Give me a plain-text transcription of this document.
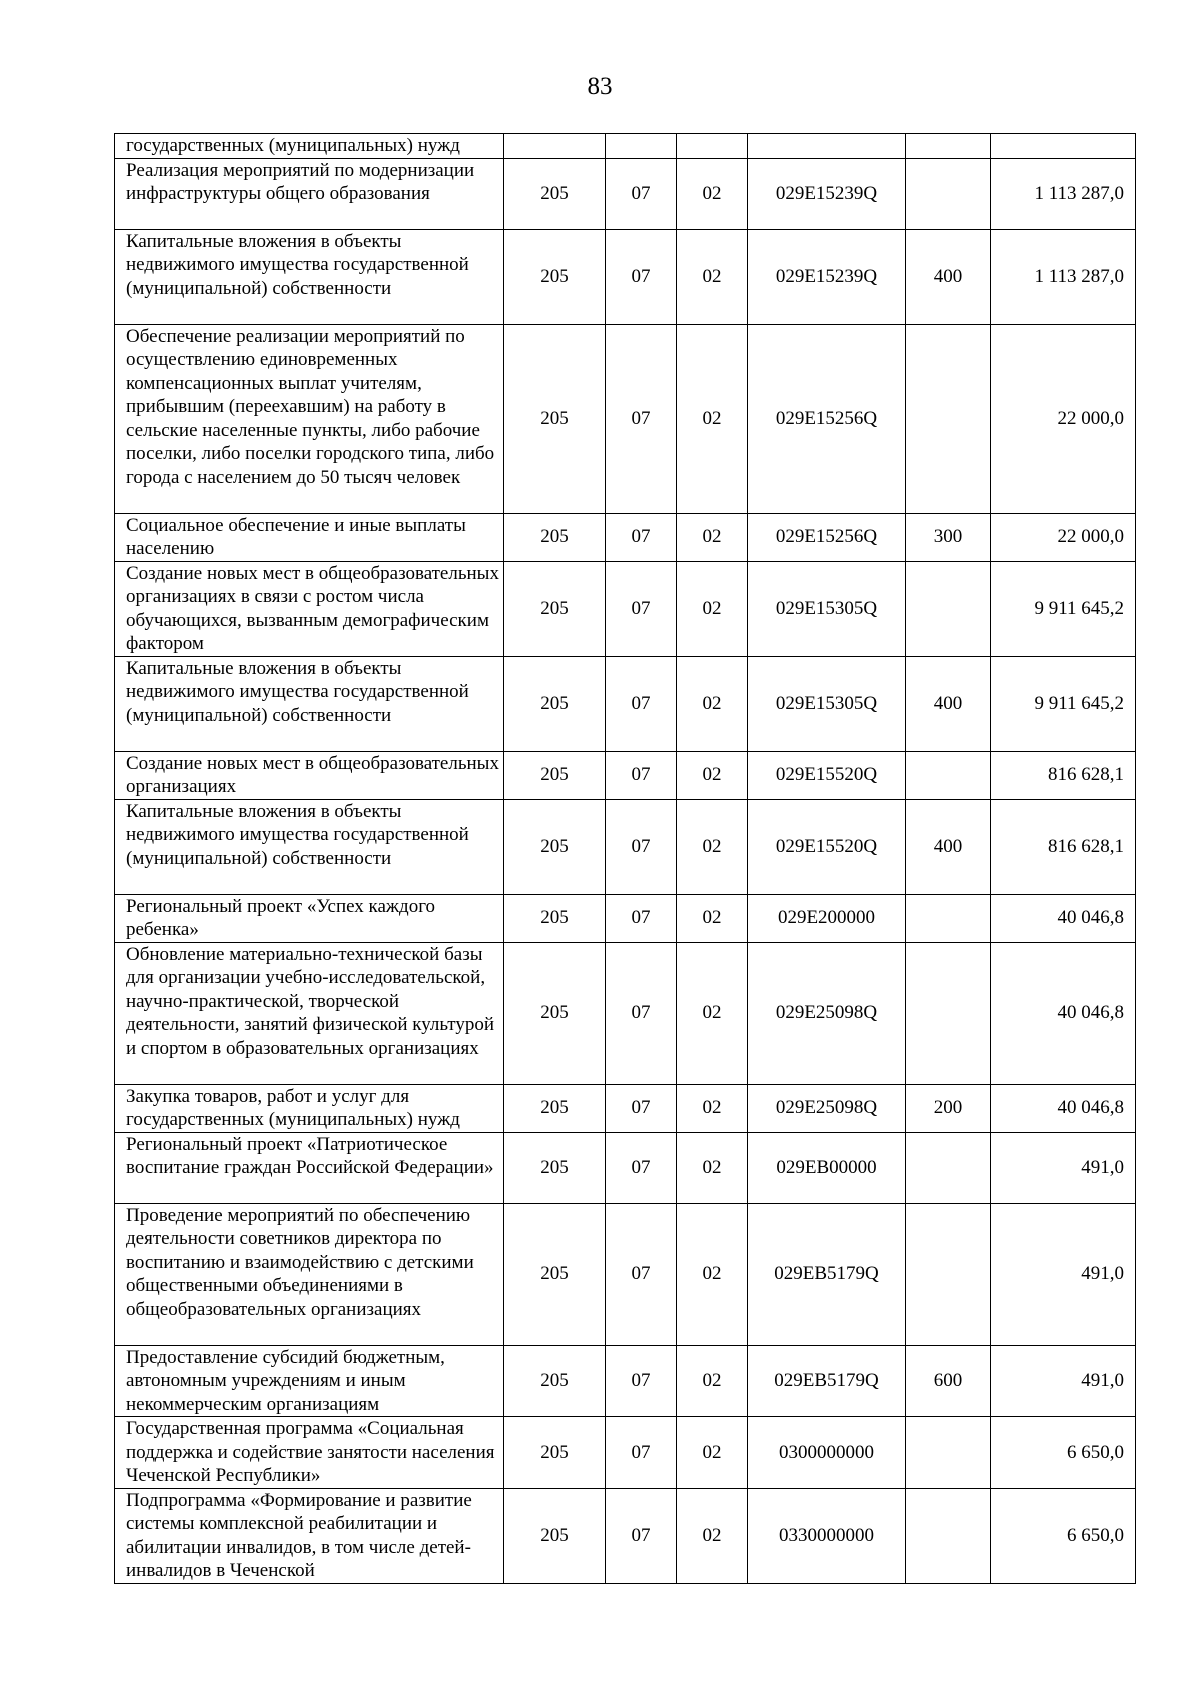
83
государственных (муниципальных) нужд						
Реализация мероприятий по модернизации инфраструктуры общего образования	205	07	02	029E15239Q		1 113 287,0
Капитальные вложения в объекты недвижимого имущества государственной (муниципальной) собственности	205	07	02	029E15239Q	400	1 113 287,0
Обеспечение реализации мероприятий по осуществлению единовременных компенсационных выплат учителям, прибывшим (переехавшим) на работу в сельские населенные пункты, либо рабочие поселки, либо поселки городского типа, либо города с населением до 50 тысяч человек	205	07	02	029E15256Q		22 000,0
Социальное обеспечение и иные выплаты населению	205	07	02	029E15256Q	300	22 000,0
Создание новых мест в общеобразовательных организациях в связи с ростом числа обучающихся, вызванным демографическим фактором	205	07	02	029E15305Q		9 911 645,2
Капитальные вложения в объекты недвижимого имущества государственной (муниципальной) собственности	205	07	02	029E15305Q	400	9 911 645,2
Создание новых мест в общеобразовательных организациях	205	07	02	029E15520Q		816 628,1
Капитальные вложения в объекты недвижимого имущества государственной (муниципальной) собственности	205	07	02	029E15520Q	400	816 628,1
Региональный проект «Успех каждого ребенка»	205	07	02	029E200000		40 046,8
Обновление материально-технической базы для организации учебно-исследовательской, научно-практической, творческой деятельности, занятий физической культурой и спортом в образовательных организациях	205	07	02	029E25098Q		40 046,8
Закупка товаров, работ и услуг для государственных (муниципальных) нужд	205	07	02	029E25098Q	200	40 046,8
Региональный проект «Патриотическое воспитание граждан Российской Федерации»	205	07	02	029EB00000		491,0
Проведение мероприятий по обеспечению деятельности советников директора по воспитанию и взаимодействию с детскими общественными объединениями в общеобразовательных организациях	205	07	02	029EB5179Q		491,0
Предоставление субсидий бюджетным, автономным учреждениям и иным некоммерческим организациям	205	07	02	029EB5179Q	600	491,0
Государственная программа «Социальная поддержка и содействие занятости населения Чеченской Республики»	205	07	02	0300000000		6 650,0
Подпрограмма «Формирование и развитие системы комплексной реабилитации и абилитации инвалидов, в том числе детей-инвалидов в Чеченской	205	07	02	0330000000		6 650,0
